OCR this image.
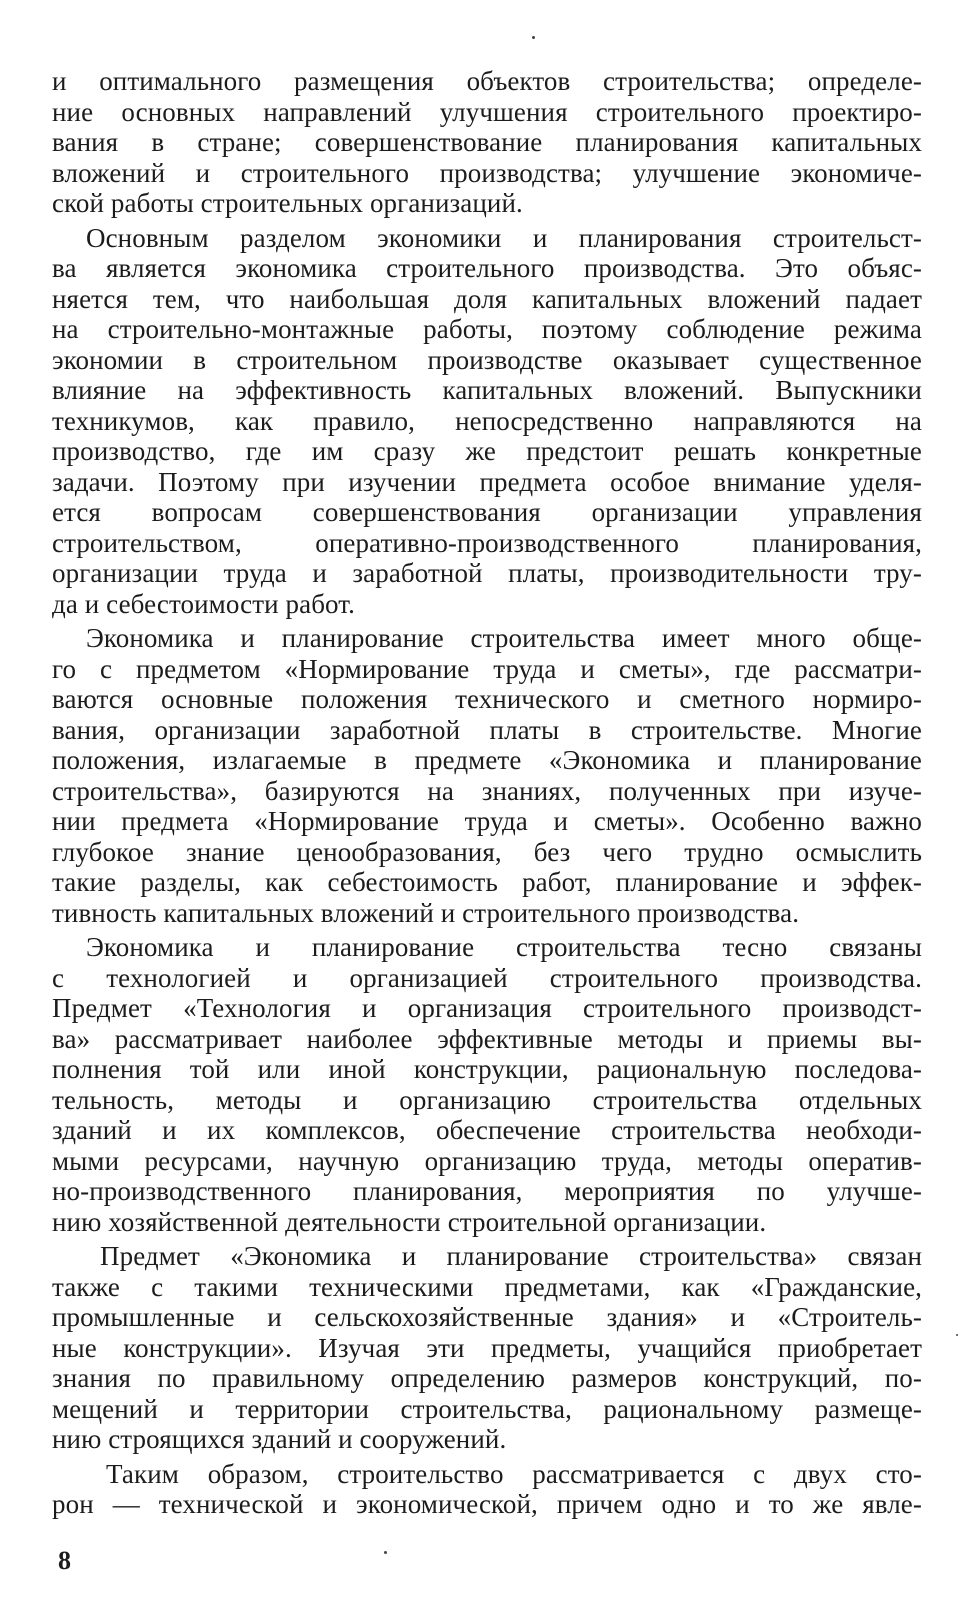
и оптимального размещения объектов строительства; определе-
ние основных направлений улучшения строительного проектиро-
вания в стране; совершенствование планирования капитальных
вложений и строительного производства; улучшение экономиче-
ской работы строительных организаций.
Основным разделом экономики и планирования строительст-
ва является экономика строительного производства. Это объяс-
няется тем, что наибольшая доля капитальных вложений падает
на строительно-монтажные работы, поэтому соблюдение режима
экономии в строительном производстве оказывает существенное
влияние на эффективность капитальных вложений. Выпускники
техникумов, как правило, непосредственно направляются на
производство, где им сразу же предстоит решать конкретные
задачи. Поэтому при изучении предмета особое внимание уделя-
ется вопросам совершенствования организации управления
строительством, оперативно-производственного планирования,
организации труда и заработной платы, производительности тру-
да и себестоимости работ.
Экономика и планирование строительства имеет много обще-
го с предметом «Нормирование труда и сметы», где рассматри-
ваются основные положения технического и сметного нормиро-
вания, организации заработной платы в строительстве. Многие
положения, излагаемые в предмете «Экономика и планирование
строительства», базируются на знаниях, полученных при изуче-
нии предмета «Нормирование труда и сметы». Особенно важно
глубокое знание ценообразования, без чего трудно осмыслить
такие разделы, как себестоимость работ, планирование и эффек-
тивность капитальных вложений и строительного производства.
Экономика и планирование строительства тесно связаны
с технологией и организацией строительного производства.
Предмет «Технология и организация строительного производст-
ва» рассматривает наиболее эффективные методы и приемы вы-
полнения той или иной конструкции, рациональную последова-
тельность, методы и организацию строительства отдельных
зданий и их комплексов, обеспечение строительства необходи-
мыми ресурсами, научную организацию труда, методы оператив-
но-производственного планирования, мероприятия по улучше-
нию хозяйственной деятельности строительной организации.
Предмет «Экономика и планирование строительства» связан
также с такими техническими предметами, как «Гражданские,
промышленные и сельскохозяйственные здания» и «Строитель-
ные конструкции». Изучая эти предметы, учащийся приобретает
знания по правильному определению размеров конструкций, по-
мещений и территории строительства, рациональному размеще-
нию строящихся зданий и сооружений.
Таким образом, строительство рассматривается с двух сто-
рон — технической и экономической, причем одно и то же явле-
8
